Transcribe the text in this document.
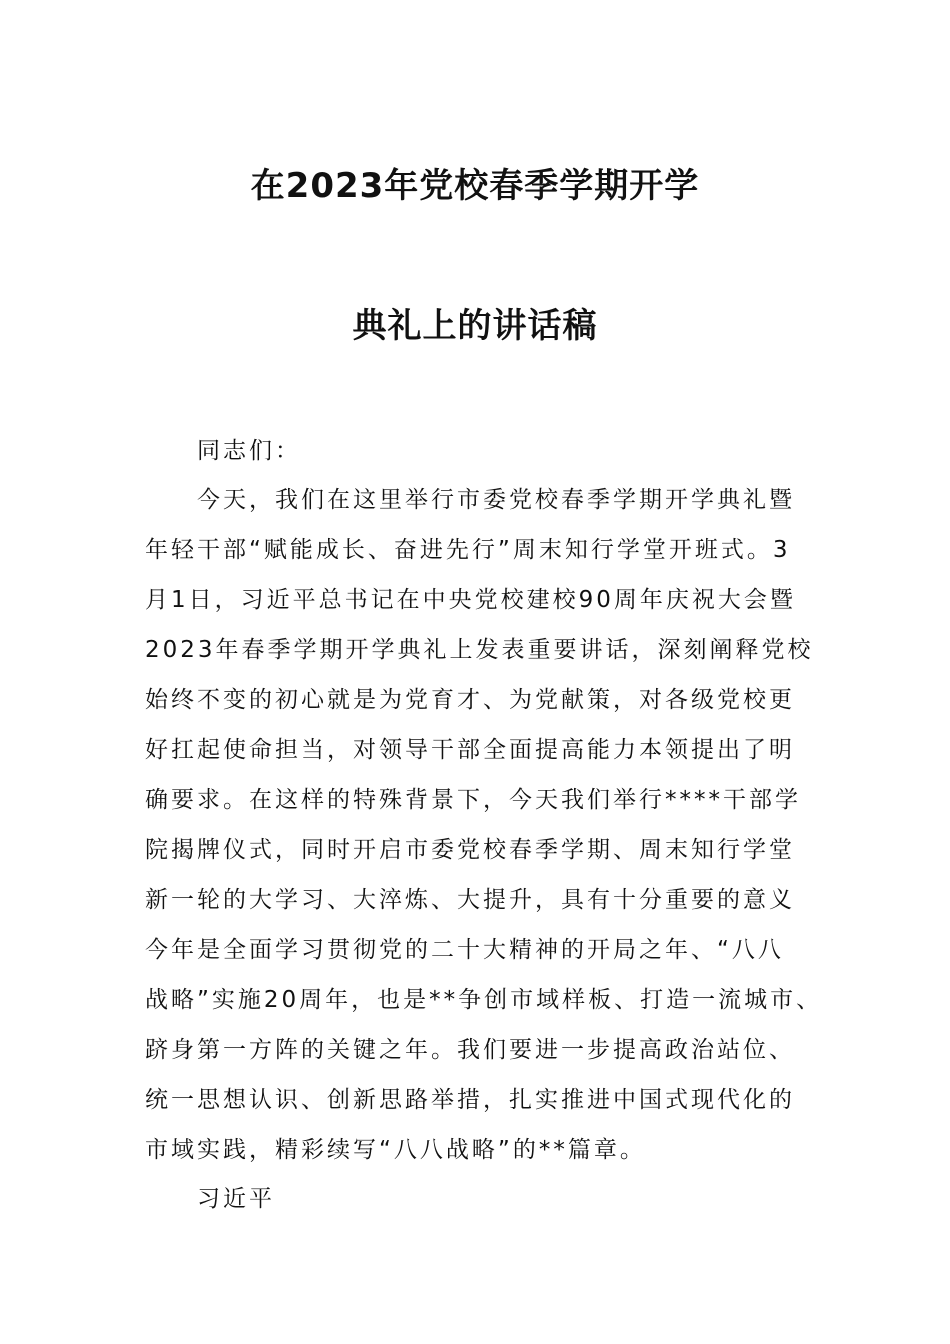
在2023年党校春季学期开学
典礼上的讲话稿
同志们：
今天，我们在这里举行市委党校春季学期开学典礼暨
年轻干部“赋能成长、奋进先行”周末知行学堂开班式。3
月1日，习近平总书记在中央党校建校90周年庆祝大会暨
2023年春季学期开学典礼上发表重要讲话，深刻阐释党校
始终不变的初心就是为党育才、为党献策，对各级党校更
好扛起使命担当，对领导干部全面提高能力本领提出了明
确要求。在这样的特殊背景下，今天我们举行****干部学
院揭牌仪式，同时开启市委党校春季学期、周末知行学堂
新一轮的大学习、大淬炼、大提升，具有十分重要的意义
今年是全面学习贯彻党的二十大精神的开局之年、“八八
战略”实施20周年，也是**争创市域样板、打造一流城市、
跻身第一方阵的关键之年。我们要进一步提高政治站位、
统一思想认识、创新思路举措，扎实推进中国式现代化的
市域实践，精彩续写“八八战略”的**篇章。
习近平
